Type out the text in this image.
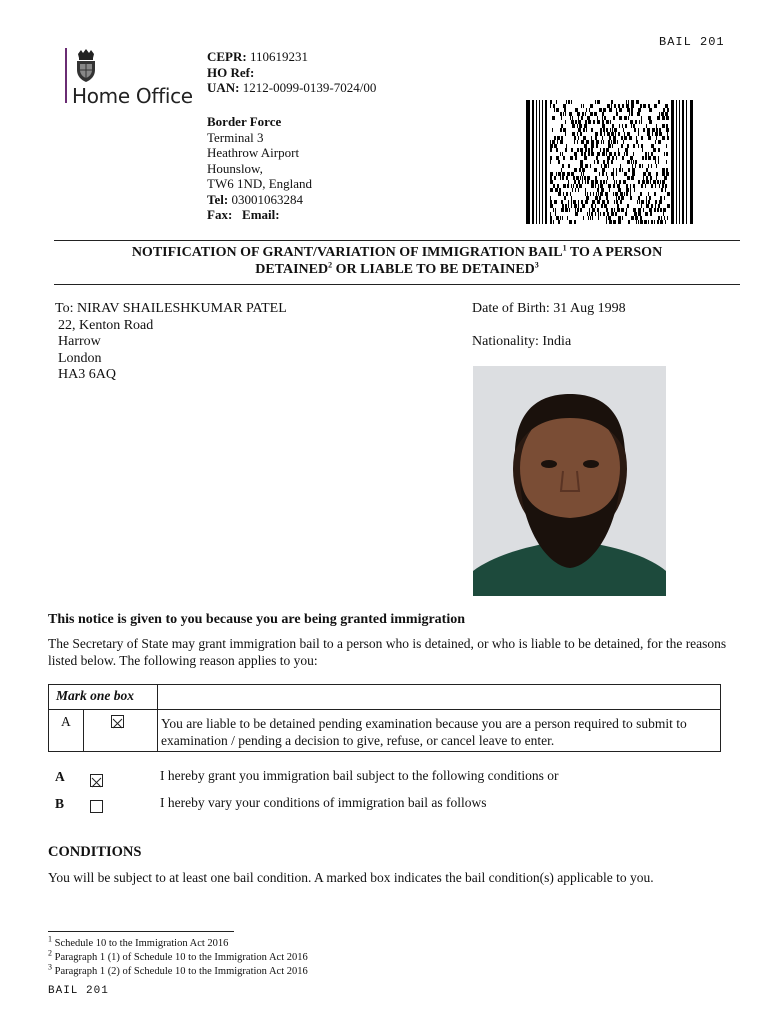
BAIL 201
Home Office
CEPR: 110619231
HO Ref:
UAN: 1212-0099-0139-7024/00
Border Force
Terminal 3
Heathrow Airport
Hounslow,
TW6 1ND, England
Tel: 03001063284
Fax: Email:
NOTIFICATION OF GRANT/VARIATION OF IMMIGRATION BAIL$^1$ TO A PERSON
DETAINED$^2$ OR LIABLE TO BE DETAINED$^3$
To: NIRAV SHAILESHKUMAR PATEL
22, Kenton Road
Harrow
London
HA3 6AQ
Date of Birth: 31 Aug 1998
Nationality: India
This notice is given to you because you are being granted immigration
The Secretary of State may grant immigration bail to a person who is detained, or who is liable to be detained, for the reasons listed below. The following reason applies to you:
Mark one box
A	You are liable to be detained pending examination because you are a person required to submit to examination / pending a decision to give, refuse, or cancel leave to enter.
A	I hereby grant you immigration bail subject to the following conditions or
B	I hereby vary your conditions of immigration bail as follows
CONDITIONS
You will be subject to at least one bail condition. A marked box indicates the bail condition(s) applicable to you.
$^1$ Schedule 10 to the Immigration Act 2016
$^2$ Paragraph 1 (1) of Schedule 10 to the Immigration Act 2016
$^3$ Paragraph 1 (2) of Schedule 10 to the Immigration Act 2016
BAIL 201
